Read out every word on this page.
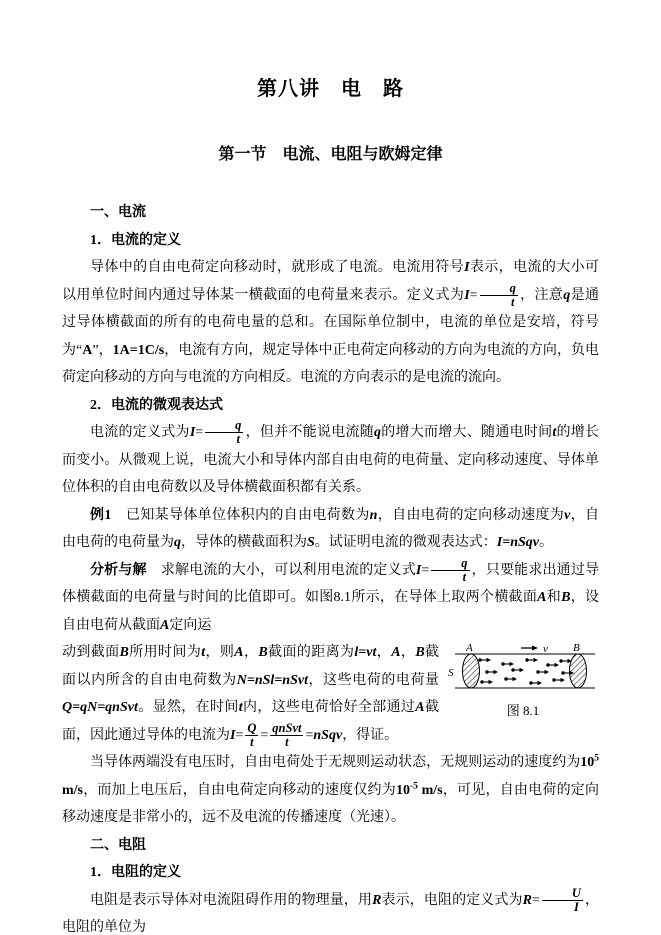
第八讲　电　路
第一节　电流、电阻与欧姆定律
一、电流
1．电流的定义

导体中的自由电荷定向移动时，就形成了电流。电流用符号I表示，电流的大小可以用单位时间内通过导体某一横截面的电荷量来表示。定义式为$I= \frac{q}{t}$ ，注意q是通过导体横截面的所有的电荷电量的总和。在国际单位制中，电流的单位是安培，符号为“A”，1A=1C/s，电流有方向，规定导体中正电荷定向移动的方向为电流的方向，负电荷定向移动的方向与电流的方向相反。电流的方向表示的是电流的流向。

2．电流的微观表达式

电流的定义式为$I= \frac{q}{t}$ ，但并不能说电流随q的增大而增大、随通电时间t的增长而变小。从微观上说，电流大小和导体内部自由电荷的电荷量、定向移动速度、导体单位体积的自由电荷数以及导体横截面积都有关系。

例1　已知某导体单位体积内的自由电荷数为n，自由电荷的定向移动速度为v，自由电荷的电荷量为q，导体的横截面积为S。试证明电流的微观表达式：I=nSqv。

分析与解　求解电流的大小，可以利用电流的定义式$I= \frac{q}{t}$ ，只要能求出通过导体横截面的电荷量与时间的比值即可。如图8.1所示，在导体上取两个横截面A和B，设自由电荷从截面A定向运

A	B
S
v
图 8.1
动到截面B所用时间为t，则A，B截面的距离为l=vt，A，B截面以内所含的自由电荷数为N=nSl=nSvt，这些电荷的电荷量Q=qN=qnSvt。显然，在时间t内，这些电荷恰好全部通过A截面，因此通过导体的电流为$I= \frac{Q}{t} = \frac{\text{qnSvt}}{t}$ =nSqv，得证。

当导体两端没有电压时，自由电荷处于无规则运动状态，无规则运动的速度约为$10^5$ m/s，而加上电压后，自由电荷定向移动的速度仅约为$10^{-5}$ m/s，可见，自由电荷的定向移动速度是非常小的，远不及电流的传播速度（光速）。

二、电阻
1．电阻的定义

电阻是表示导体对电流阻碍作用的物理量，用R表示，电阻的定义式为$R= \frac{U}{I}$ ，电阻的单位为
